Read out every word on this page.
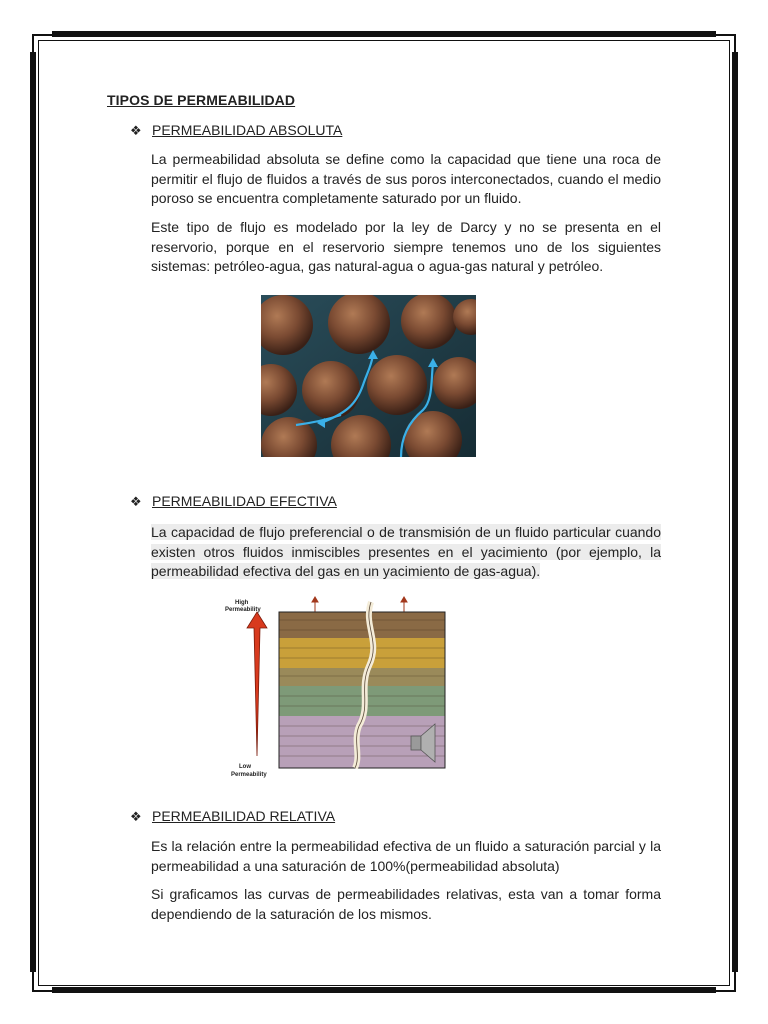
TIPOS DE PERMEABILIDAD
❖ PERMEABILIDAD ABSOLUTA

La permeabilidad absoluta se define como la capacidad que tiene una roca de permitir el flujo de fluidos a través de sus poros interconectados, cuando el medio poroso se encuentra completamente saturado por un fluido.

Este tipo de flujo es modelado por la ley de Darcy y no se presenta en el reservorio, porque en el reservorio siempre tenemos uno de los siguientes sistemas: petróleo-agua, gas natural-agua o agua-gas natural y petróleo.

❖ PERMEABILIDAD EFECTIVA

La capacidad de flujo preferencial o de transmisión de un fluido particular cuando existen otros fluidos inmiscibles presentes en el yacimiento (por ejemplo, la permeabilidad efectiva del gas en un yacimiento de gas-agua).

High
Permeability
Low
Permeability
❖ PERMEABILIDAD RELATIVA

Es la relación entre la permeabilidad efectiva de un fluido a saturación parcial y la permeabilidad a una saturación de 100%(permeabilidad absoluta)

Si graficamos las curvas de permeabilidades relativas, esta van a tomar forma dependiendo de la saturación de los mismos.
